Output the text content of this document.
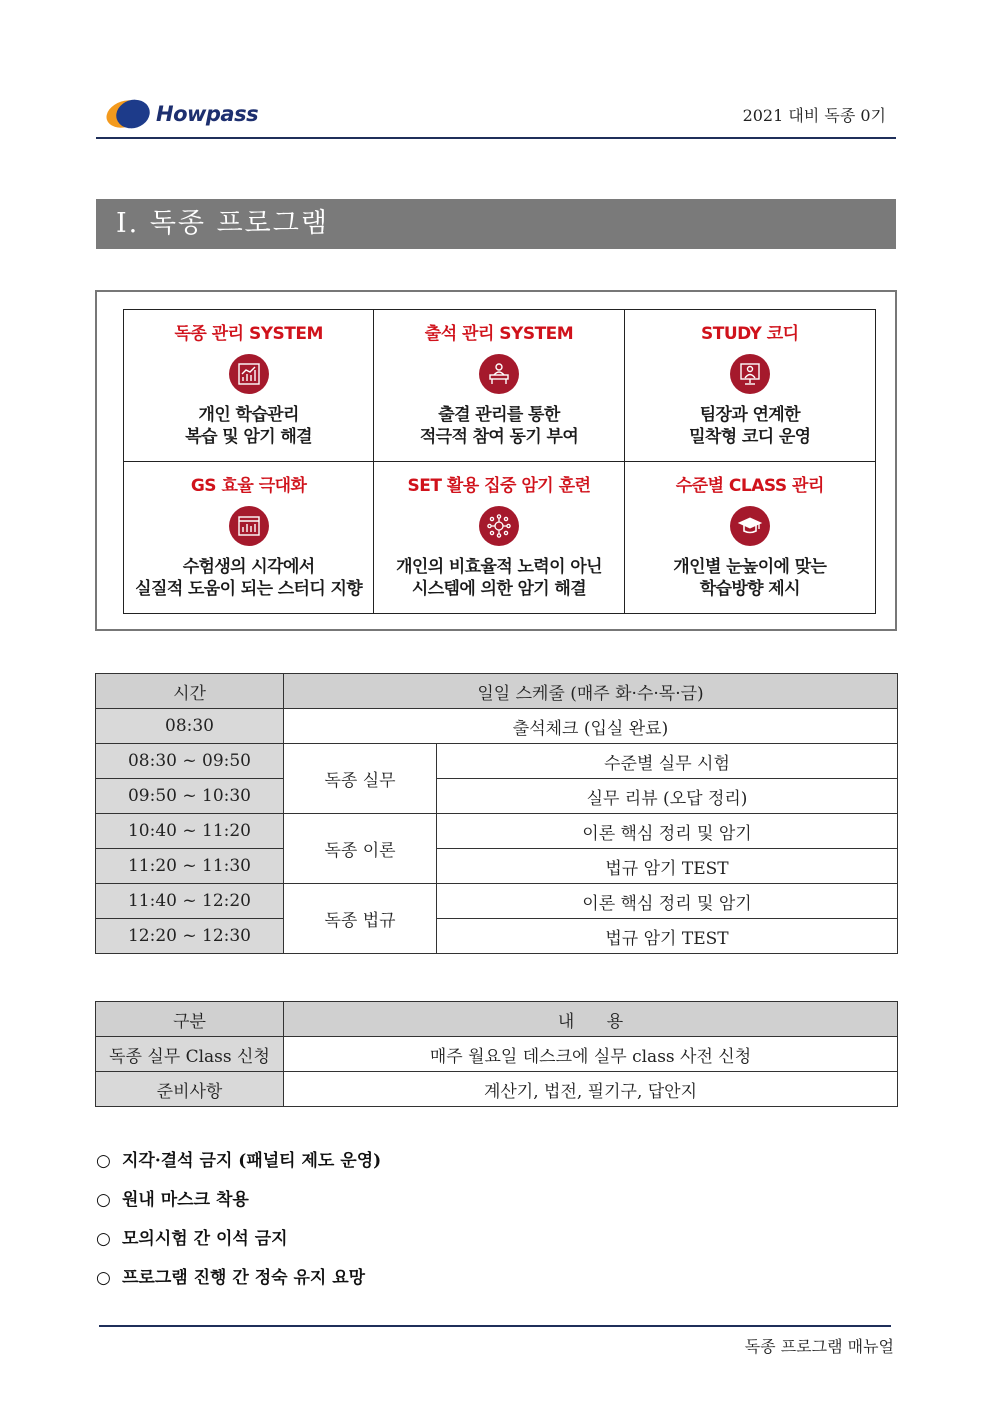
Howpass	2021 대비 독종 0기
Ⅰ. 독종 프로그램
독종 관리 SYSTEM
개인 학습관리
복습 및 암기 해결
출석 관리 SYSTEM
출결 관리를 통한
적극적 참여 동기 부여
STUDY 코디
팀장과 연계한
밀착형 코디 운영
GS 효율 극대화
수험생의 시각에서
실질적 도움이 되는 스터디 지향
SET 활용 집중 암기 훈련
개인의 비효율적 노력이 아닌
시스템에 의한 암기 해결
수준별 CLASS 관리
개인별 눈높이에 맞는
학습방향 제시
시간	일일 스케줄 (매주 화·수·목·금)	
08:30	출석체크 (입실 완료)	
08:30 ~ 09:50	독종 실무	수준별 실무 시험
09:50 ~ 10:30		실무 리뷰 (오답 정리)
10:40 ~ 11:20	독종 이론	이론 핵심 정리 및 암기
11:20 ~ 11:30		법규 암기 TEST
11:40 ~ 12:20	독종 법규	이론 핵심 정리 및 암기
12:20 ~ 12:30		법규 암기 TEST
구분	내      용
독종 실무 Class 신청	매주 월요일 데스크에 실무 class 사전 신청
준비사항	계산기, 법전, 필기구, 답안지
○ 지각·결석 금지 (패널티 제도 운영)
○ 원내 마스크 착용
○ 모의시험 간 이석 금지
○ 프로그램 진행 간 정숙 유지 요망
독종 프로그램 매뉴얼
